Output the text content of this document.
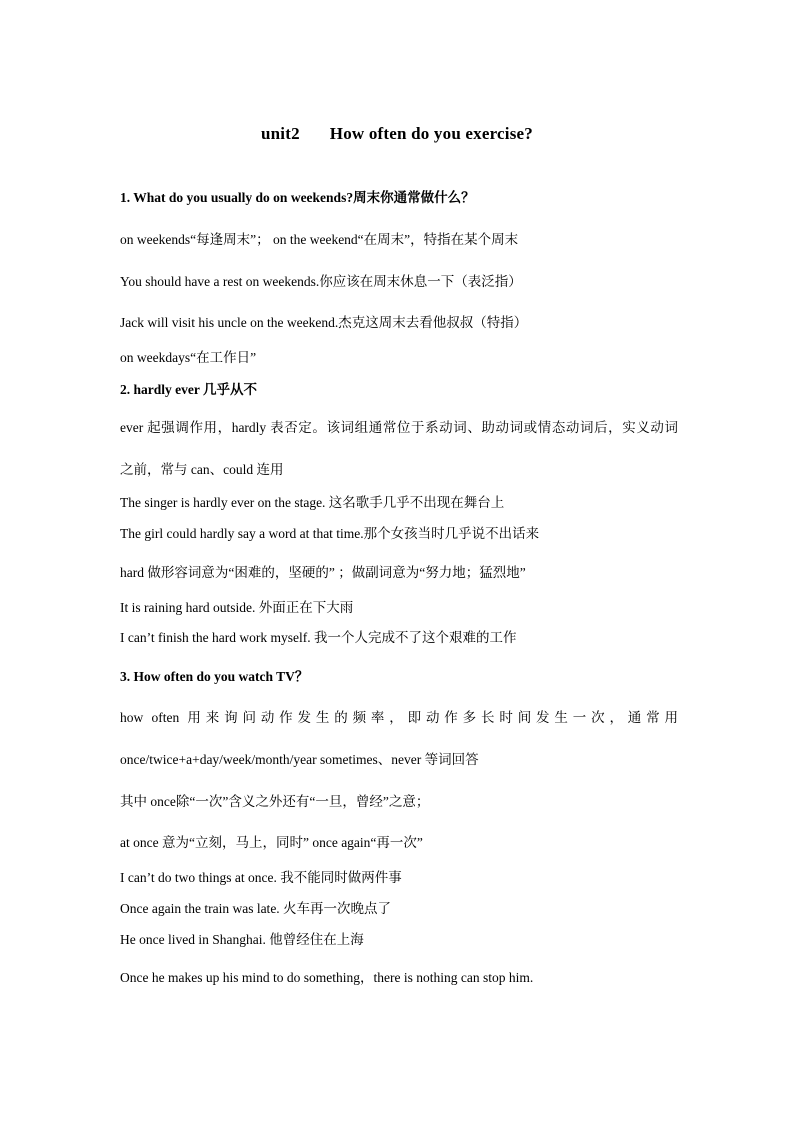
unit2 How often do you exercise?
1. What do you usually do on weekends?周末你通常做什么？
on weekends“每逢周末”； on the weekend“在周末”，特指在某个周末
You should have a rest on weekends.你应该在周末休息一下（表泛指）
Jack will visit his uncle on the weekend.杰克这周末去看他叔叔（特指）
on weekdays“在工作日”
2. hardly ever 几乎从不
ever 起强调作用，hardly 表否定。该词组通常位于系动词、助动词或情态动词后，实义动词
之前，常与 can、could 连用
The singer is hardly ever on the stage. 这名歌手几乎不出现在舞台上
The girl could hardly say a word at that time.那个女孩当时几乎说不出话来
hard 做形容词意为“困难的，坚硬的” ；做副词意为“努力地；猛烈地”
It is raining hard outside. 外面正在下大雨
I can’t finish the hard work myself. 我一个人完成不了这个艰难的工作
3. How often do you watch TV？
how often 用来询问动作发生的频率，即动作多长时间发生一次，通常用
once/twice+a+day/week/month/year sometimes、never 等词回答
其中 once除“一次”含义之外还有“一旦，曾经”之意；
at once 意为“立刻，马上，同时” once again“再一次”
I can’t do two things at once. 我不能同时做两件事
Once again the train was late. 火车再一次晚点了
He once lived in Shanghai. 他曾经住在上海
Once he makes up his mind to do something，there is nothing can stop him.
